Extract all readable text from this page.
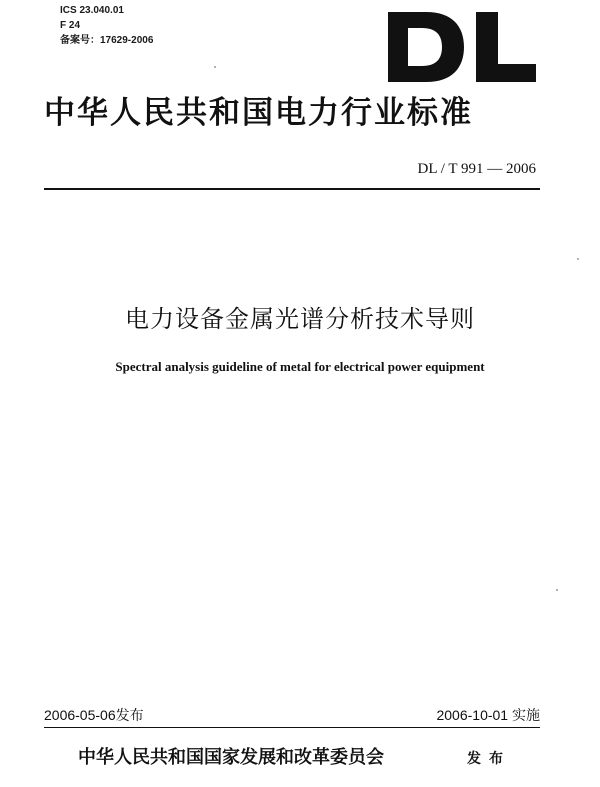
ICS 23.040.01
F 24
备案号：17629-2006
中华人民共和国电力行业标准
DL / T 991 — 2006
电力设备金属光谱分析技术导则
Spectral analysis guideline of metal for electrical power equipment
2006-05-06发布	2006-10-01 实施
中华人民共和国国家发展和改革委员会	发布
